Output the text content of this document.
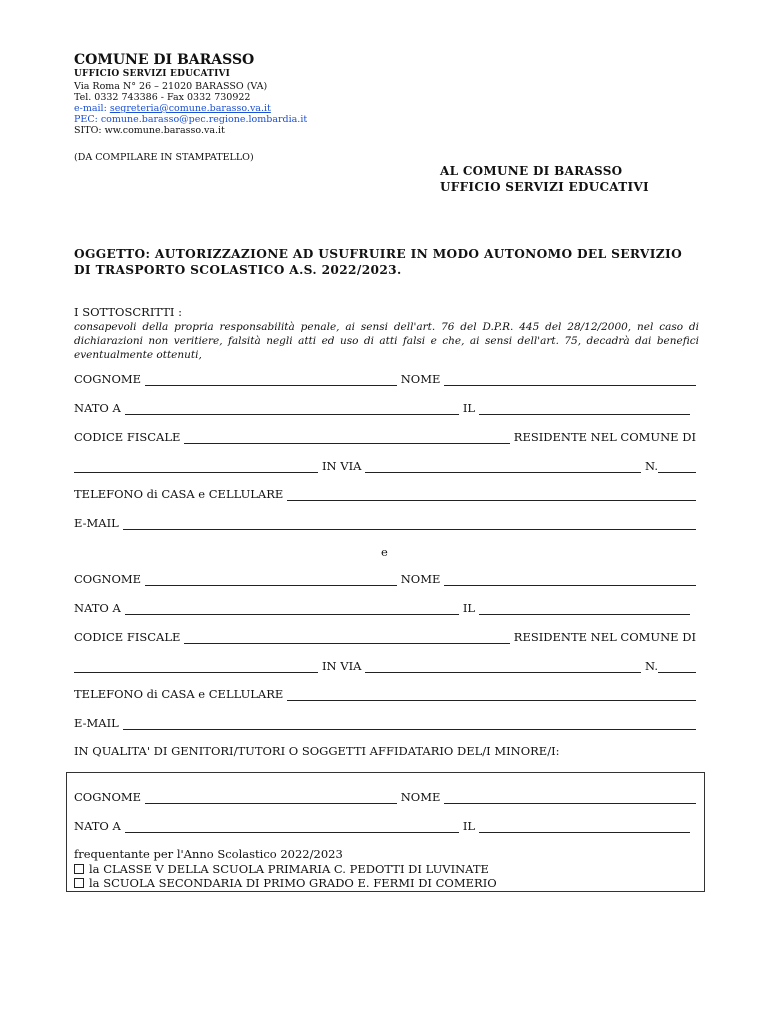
COMUNE DI BARASSO
UFFICIO SERVIZI EDUCATIVI
Via Roma N° 26 – 21020 BARASSO (VA)
Tel. 0332 743386 - Fax 0332 730922
e-mail: segreteria@comune.barasso.va.it
PEC: comune.barasso@pec.regione.lombardia.it
SITO: ww.comune.barasso.va.it
(DA COMPILARE IN STAMPATELLO)
AL COMUNE DI BARASSO
UFFICIO SERVIZI EDUCATIVI
OGGETTO: AUTORIZZAZIONE AD USUFRUIRE IN MODO AUTONOMO DEL SERVIZIO
DI TRASPORTO SCOLASTICO A.S. 2022/2023.
I SOTTOSCRITTI :
consapevoli della propria responsabilità penale, ai sensi dell'art. 76 del D.P.R. 445 del 28/12/2000, nel caso di dichiarazioni non veritiere, falsità negli atti ed uso di atti falsi e che, ai sensi dell'art. 75, decadrà dai benefici eventualmente ottenuti,
COGNOME	NOME
NATO A	IL
CODICE FISCALE	RESIDENTE NEL COMUNE DI
IN VIA	N.
TELEFONO di CASA e CELLULARE
E-MAIL
e
COGNOME	NOME
NATO A	IL
CODICE FISCALE	RESIDENTE NEL COMUNE DI
IN VIA	N.
TELEFONO di CASA e CELLULARE
E-MAIL
IN QUALITA' DI GENITORI/TUTORI O SOGGETTI AFFIDATARIO DEL/I MINORE/I:
COGNOME	NOME
NATO A	IL
frequentante per l'Anno Scolastico 2022/2023
la CLASSE V DELLA SCUOLA PRIMARIA C. PEDOTTI DI LUVINATE
la SCUOLA SECONDARIA DI PRIMO GRADO E. FERMI DI COMERIO
